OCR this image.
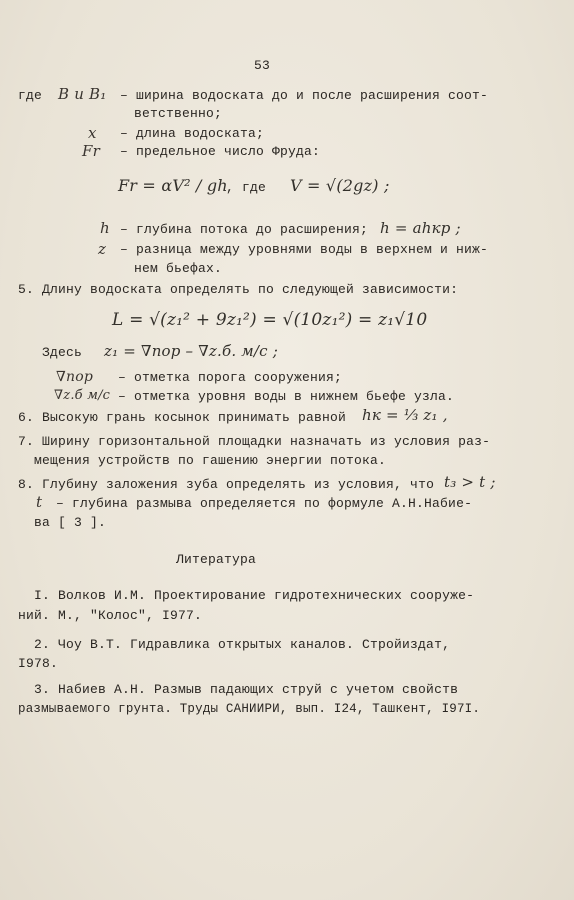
53
где B и B₁ – ширина водоската до и после расширения соот-
ветственно;
x – длина водоската;
Fr – предельное число Фруда:
Fr = αV² / gh
, где V = √(2gz) ;
h – глубина потока до расширения; h = ahкр ;
z – разница между уровнями воды в верхнем и ниж-
нем бьефах.
5. Длину водоската определять по следующей зависимости:
L = √(z₁² + 9z₁²) = √(10z₁²) = z₁√10
Здесь z₁ = ∇пор – ∇z.б. м/с ;
∇пор – отметка порога сооружения;
∇z.б м/с – отметка уровня воды в нижнем бьефе узла.
6. Высокую грань косынок принимать равной hк = ⅓ z₁ ,
7. Ширину горизонтальной площадки назначать из условия раз-
мещения устройств по гашению энергии потока.
8. Глубину заложения зуба определять из условия, что t₃ > t ;
t – глубина размыва определяется по формуле А.Н.Набие-
ва [ 3 ].
Литература
I. Волков И.М. Проектирование гидротехнических сооруже-
ний. М., "Колос", I977.
2. Чоу В.Т. Гидравлика открытых каналов. Стройиздат,
I978.
3. Набиев А.Н. Размыв падающих струй с учетом свойств
размываемого грунта. Труды САНИИРИ, вып. I24, Ташкент, I97I.
